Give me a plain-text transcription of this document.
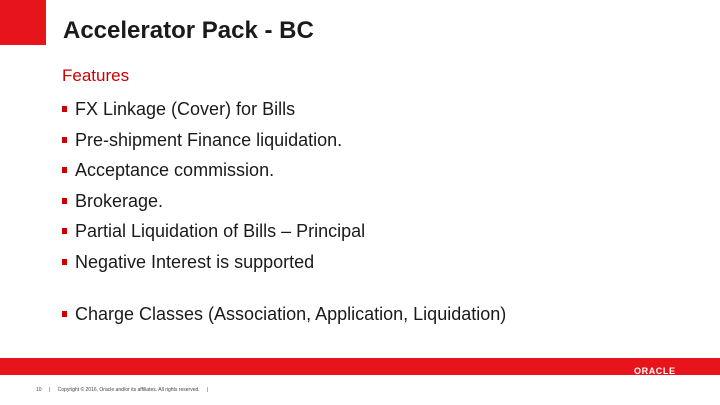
Accelerator Pack - BC
Features
FX Linkage (Cover) for Bills
Pre-shipment Finance liquidation.
Acceptance commission.
Brokerage.
Partial Liquidation of Bills – Principal
Negative Interest is supported
Charge Classes (Association, Application, Liquidation)
ORACLE
10 | Copyright © 2016, Oracle and/or its affiliates. All rights reserved. |
